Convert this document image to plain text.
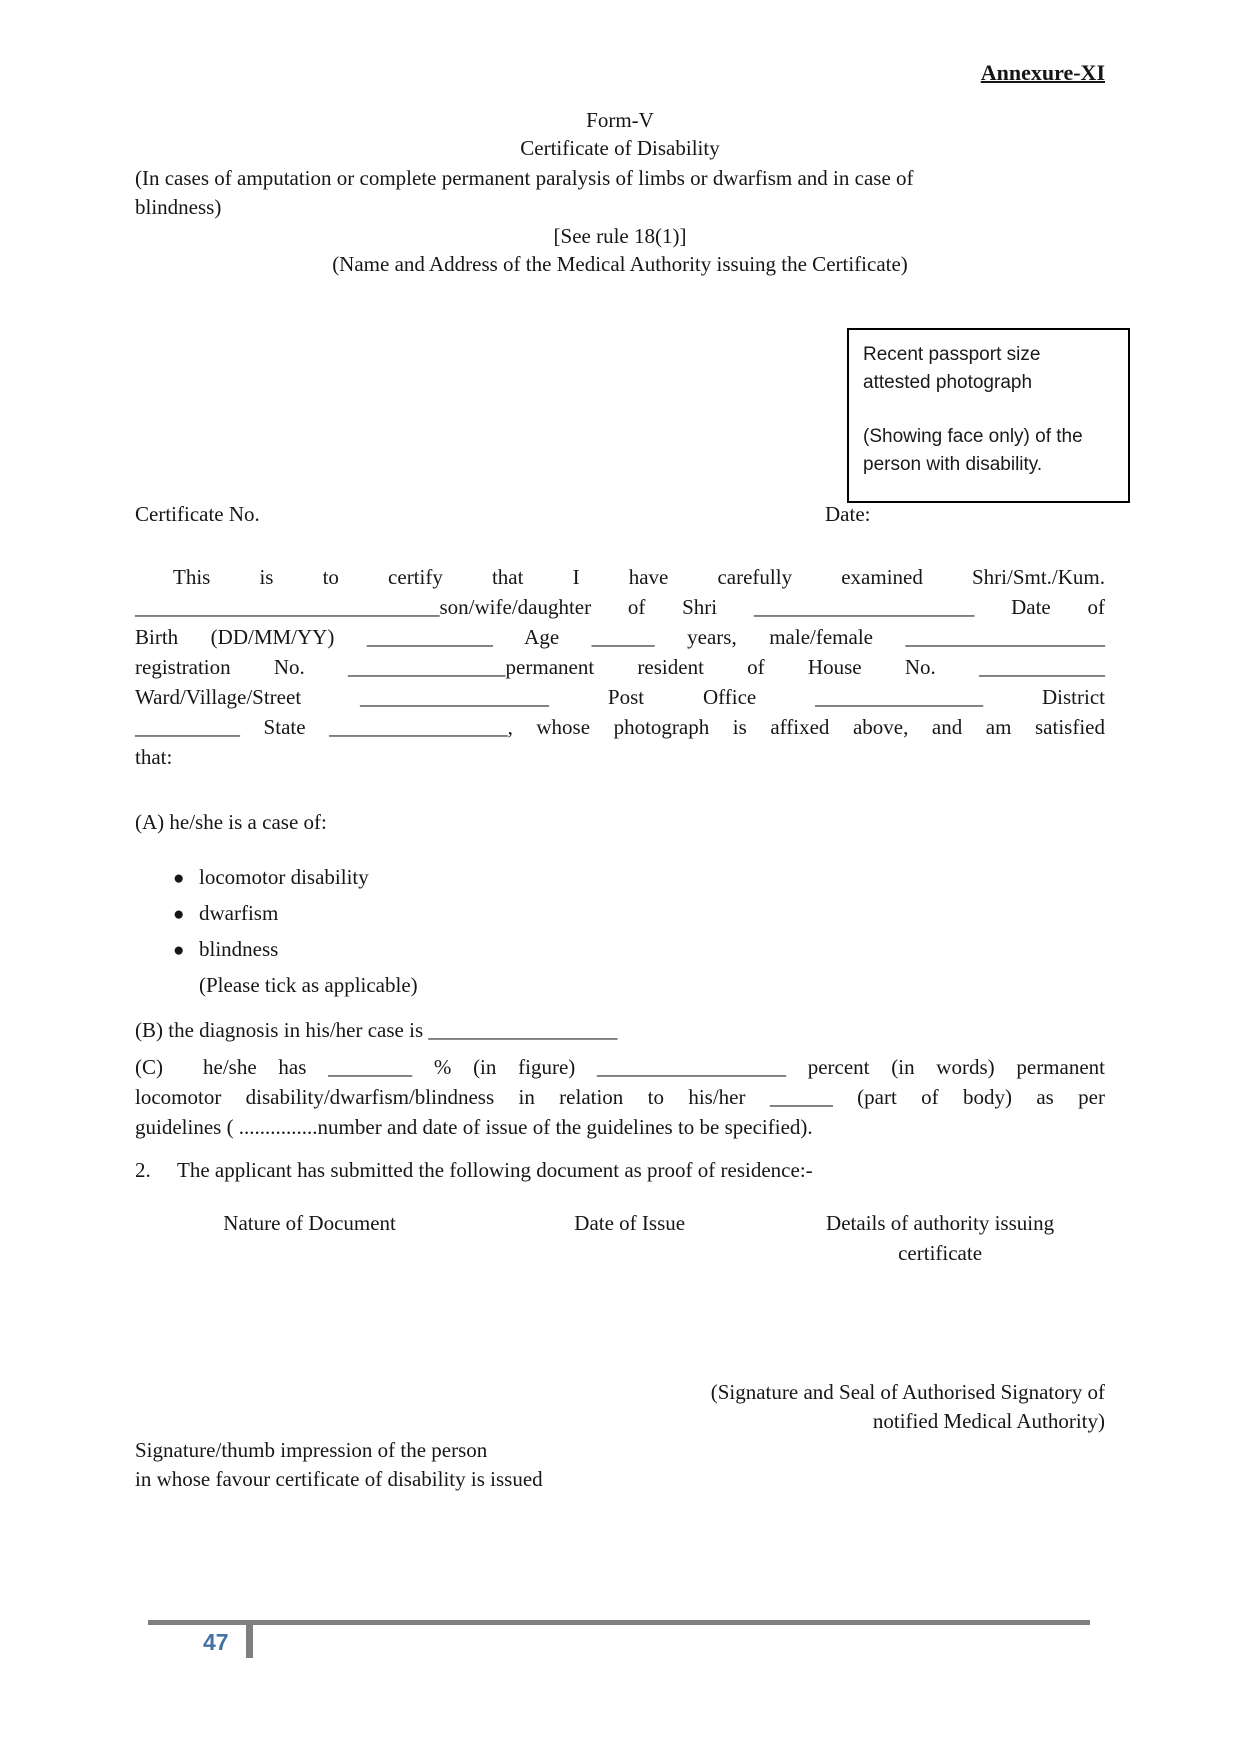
Annexure-XI
Form-V
Certificate of Disability
(In cases of amputation or complete permanent paralysis of limbs or dwarfism and in case of
blindness)
[See rule 18(1)]
(Name and Address of the Medical Authority issuing the Certificate)
Recent passport size
attested photograph
(Showing face only) of the
person with disability.
Certificate No.	Date:
This is to certify that I have carefully examined Shri/Smt./Kum.
_____________________________son/wife/daughter of Shri _____________________ Date of
Birth (DD/MM/YY) ____________ Age ______ years, male/female ___________________
registration No. _______________permanent resident of House No. ____________
Ward/Village/Street __________________ Post Office ________________ District
__________ State _________________, whose photograph is affixed above, and am satisfied
that:
(A) he/she is a case of:
● locomotor disability
● dwarfism
● blindness
(Please tick as applicable)
(B) the diagnosis in his/her case is __________________
(C)	he/she has ________ % (in figure) __________________ percent (in words) permanent
locomotor disability/dwarfism/blindness in relation to his/her ______ (part of body) as per
guidelines ( ...............number and date of issue of the guidelines to be specified).
2.	The applicant has submitted the following document as proof of residence:-
Nature of Document	Date of Issue	Details of authority issuing certificate
(Signature and Seal of Authorised Signatory of
notified Medical Authority)
Signature/thumb impression of the person
in whose favour certificate of disability is issued
47
